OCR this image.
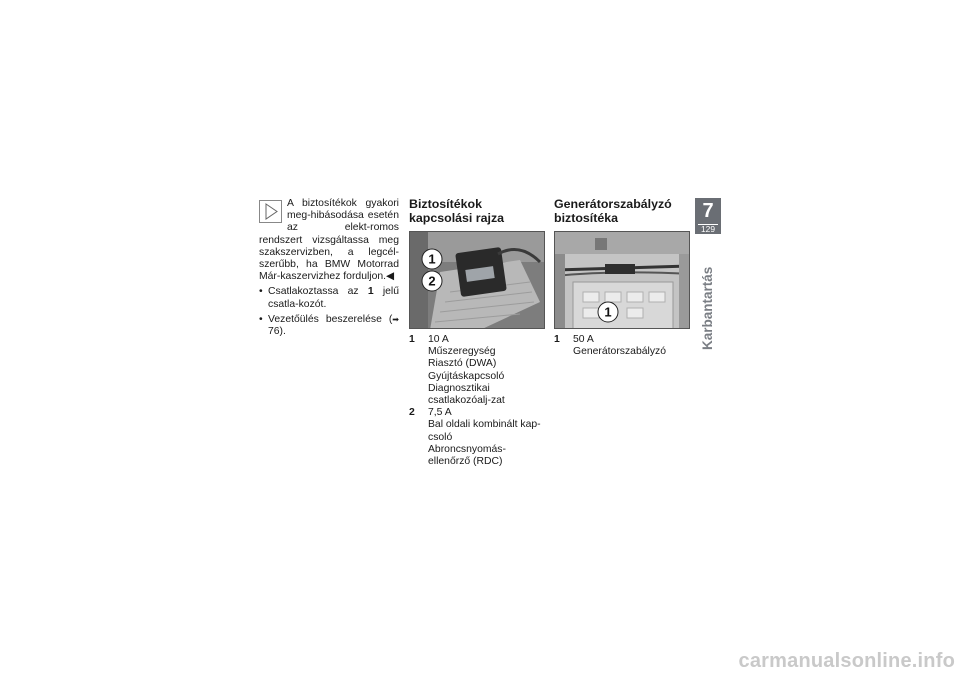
A biztosítékok gyakori meg-hibásodása esetén az elekt-romos rendszert vizsgáltassa meg szakszervizben, a legcél-szerűbb, ha BMW Motorrad Már-kaszervizhez forduljon.◀
• Csatlakoztassa az 1 jelű csatla-kozót.
• Vezetőülés beszerelése (➡ 76).
Biztosítékok kapcsolási rajza
1
2
1	10 A
Műszeregység
Riasztó (DWA)
Gyújtáskapcsoló
Diagnosztikai csatlakozóalj-zat
2	7,5 A
Bal oldali kombinált kap-csoló
Abroncsnyomás-ellenőrző (RDC)
Generátorszabályzó biztosítéka
1
1	50 A
Generátorszabályzó
7
129
Karbantartás
carmanualsonline.info
